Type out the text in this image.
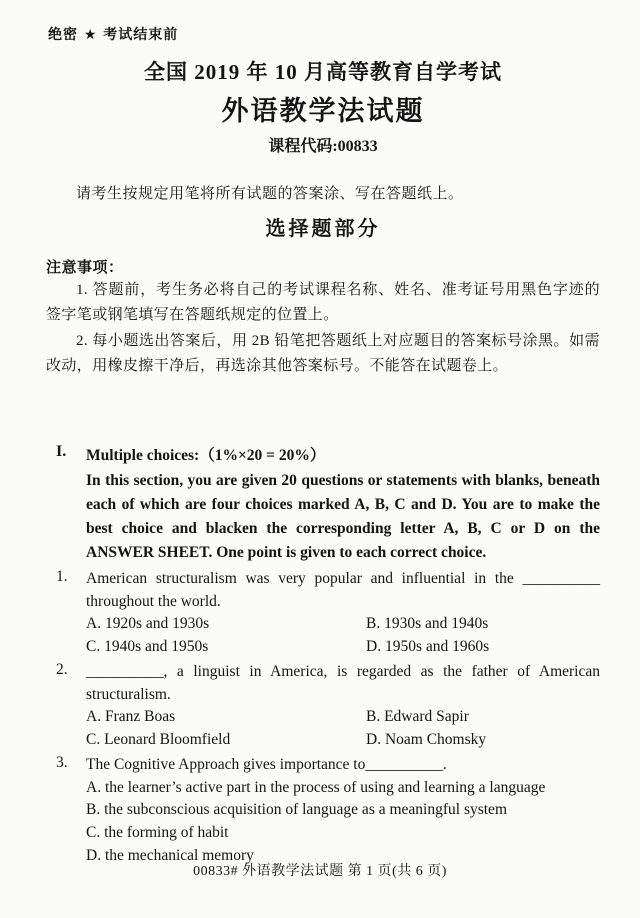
绝密 ★ 考试结束前
全国 2019 年 10 月高等教育自学考试
外语教学法试题
课程代码:00833
请考生按规定用笔将所有试题的答案涂、写在答题纸上。
选择题部分
注意事项：

1. 答题前，考生务必将自己的考试课程名称、姓名、准考证号用黑色字迹的签字笔或钢笔填写在答题纸规定的位置上。

2. 每小题选出答案后，用 2B 铅笔把答题纸上对应题目的答案标号涂黑。如需改动，用橡皮擦干净后，再选涂其他答案标号。不能答在试题卷上。

I.	Multiple choices:（1%×20 = 20%）
In this section, you are given 20 questions or statements with blanks, beneath each of which are four choices marked A, B, C and D. You are to make the best choice and blacken the corresponding letter A, B, C or D on the ANSWER SHEET. One point is given to each correct choice.
1.	American structuralism was very popular and influential in the __________ throughout the world.
A. 1920s and 1930s	B. 1930s and 1940s
C. 1940s and 1950s	D. 1950s and 1960s
2.	__________, a linguist in America, is regarded as the father of American structuralism.
A. Franz Boas	B. Edward Sapir
C. Leonard Bloomfield	D. Noam Chomsky
3.	The Cognitive Approach gives importance to__________.
A. the learner’s active part in the process of using and learning a language
B. the subconscious acquisition of language as a meaningful system
C. the forming of habit
D. the mechanical memory
00833# 外语教学法试题 第 1 页(共 6 页)
